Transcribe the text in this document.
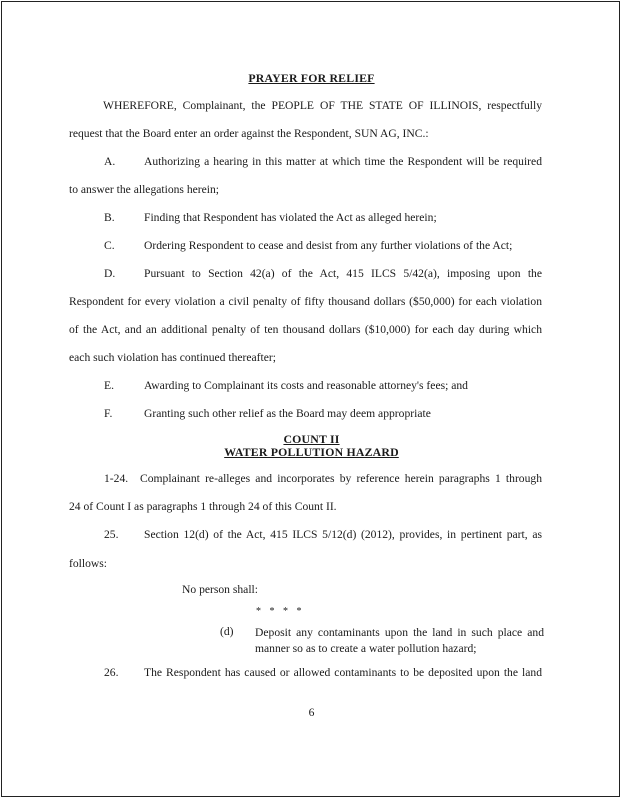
PRAYER FOR RELIEF
WHEREFORE, Complainant, the PEOPLE OF THE STATE OF ILLINOIS, respectfully
request that the Board enter an order against the Respondent, SUN AG, INC.:
A. Authorizing a hearing in this matter at which time the Respondent will be required
to answer the allegations herein;
B.	Finding that Respondent has violated the Act as alleged herein;
C.	Ordering Respondent to cease and desist from any further violations of the Act;
D. Pursuant to Section 42(a) of the Act, 415 ILCS 5/42(a), imposing upon the
Respondent for every violation a civil penalty of fifty thousand dollars ($50,000) for each violation
of the Act, and an additional penalty of ten thousand dollars ($10,000) for each day during which
each such violation has continued thereafter;
E.	Awarding to Complainant its costs and reasonable attorney's fees; and
F.	Granting such other relief as the Board may deem appropriate
COUNT II
WATER POLLUTION HAZARD
1-24. Complainant re-alleges and incorporates by reference herein paragraphs 1 through
24 of Count I as paragraphs 1 through 24 of this Count II.
25. Section 12(d) of the Act, 415 ILCS 5/12(d) (2012), provides, in pertinent part, as
follows:
No person shall:
* * * *
(d) Deposit any contaminants upon the land in such place and manner so as to create a water pollution hazard;
26. The Respondent has caused or allowed contaminants to be deposited upon the land
6
